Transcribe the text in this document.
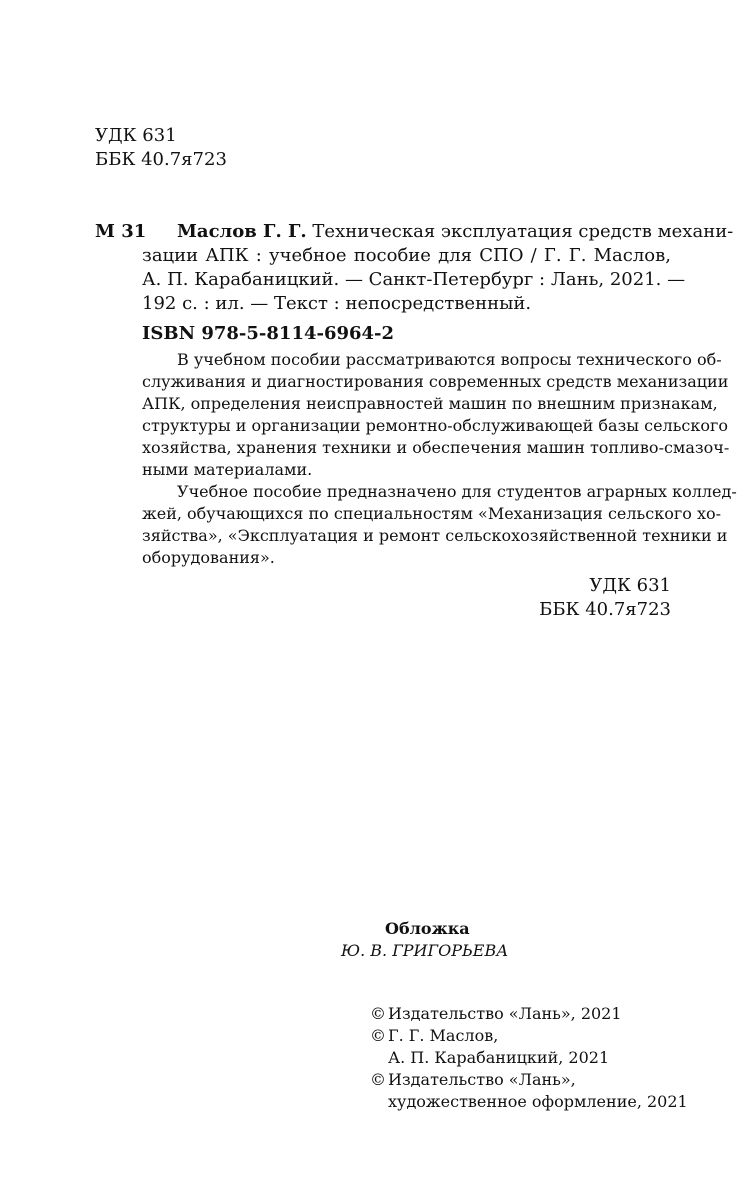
УДК 631
ББК 40.7я723
М 31 Маслов Г. Г. Техническая эксплуатация средств механи-
зации АПК : учебное пособие для СПО / Г. Г. Маслов,
А. П. Карабаницкий. — Санкт-Петербург : Лань, 2021. —
192 с. : ил. — Текст : непосредственный.
ISBN 978-5-8114-6964-2
В учебном пособии рассматриваются вопросы технического об-
служивания и диагностирования современных средств механизации
АПК, определения неисправностей машин по внешним признакам,
структуры и организации ремонтно-обслуживающей базы сельского
хозяйства, хранения техники и обеспечения машин топливо-смазоч-
ными материалами.
Учебное пособие предназначено для студентов аграрных коллед-
жей, обучающихся по специальностям «Механизация сельского хо-
зяйства», «Эксплуатация и ремонт сельскохозяйственной техники и
оборудования».
УДК 631
ББК 40.7я723
Обложка
Ю. В. ГРИГОРЬЕВА
© Издательство «Лань», 2021
© Г. Г. Маслов,
А. П. Карабаницкий, 2021
© Издательство «Лань»,
художественное оформление, 2021
